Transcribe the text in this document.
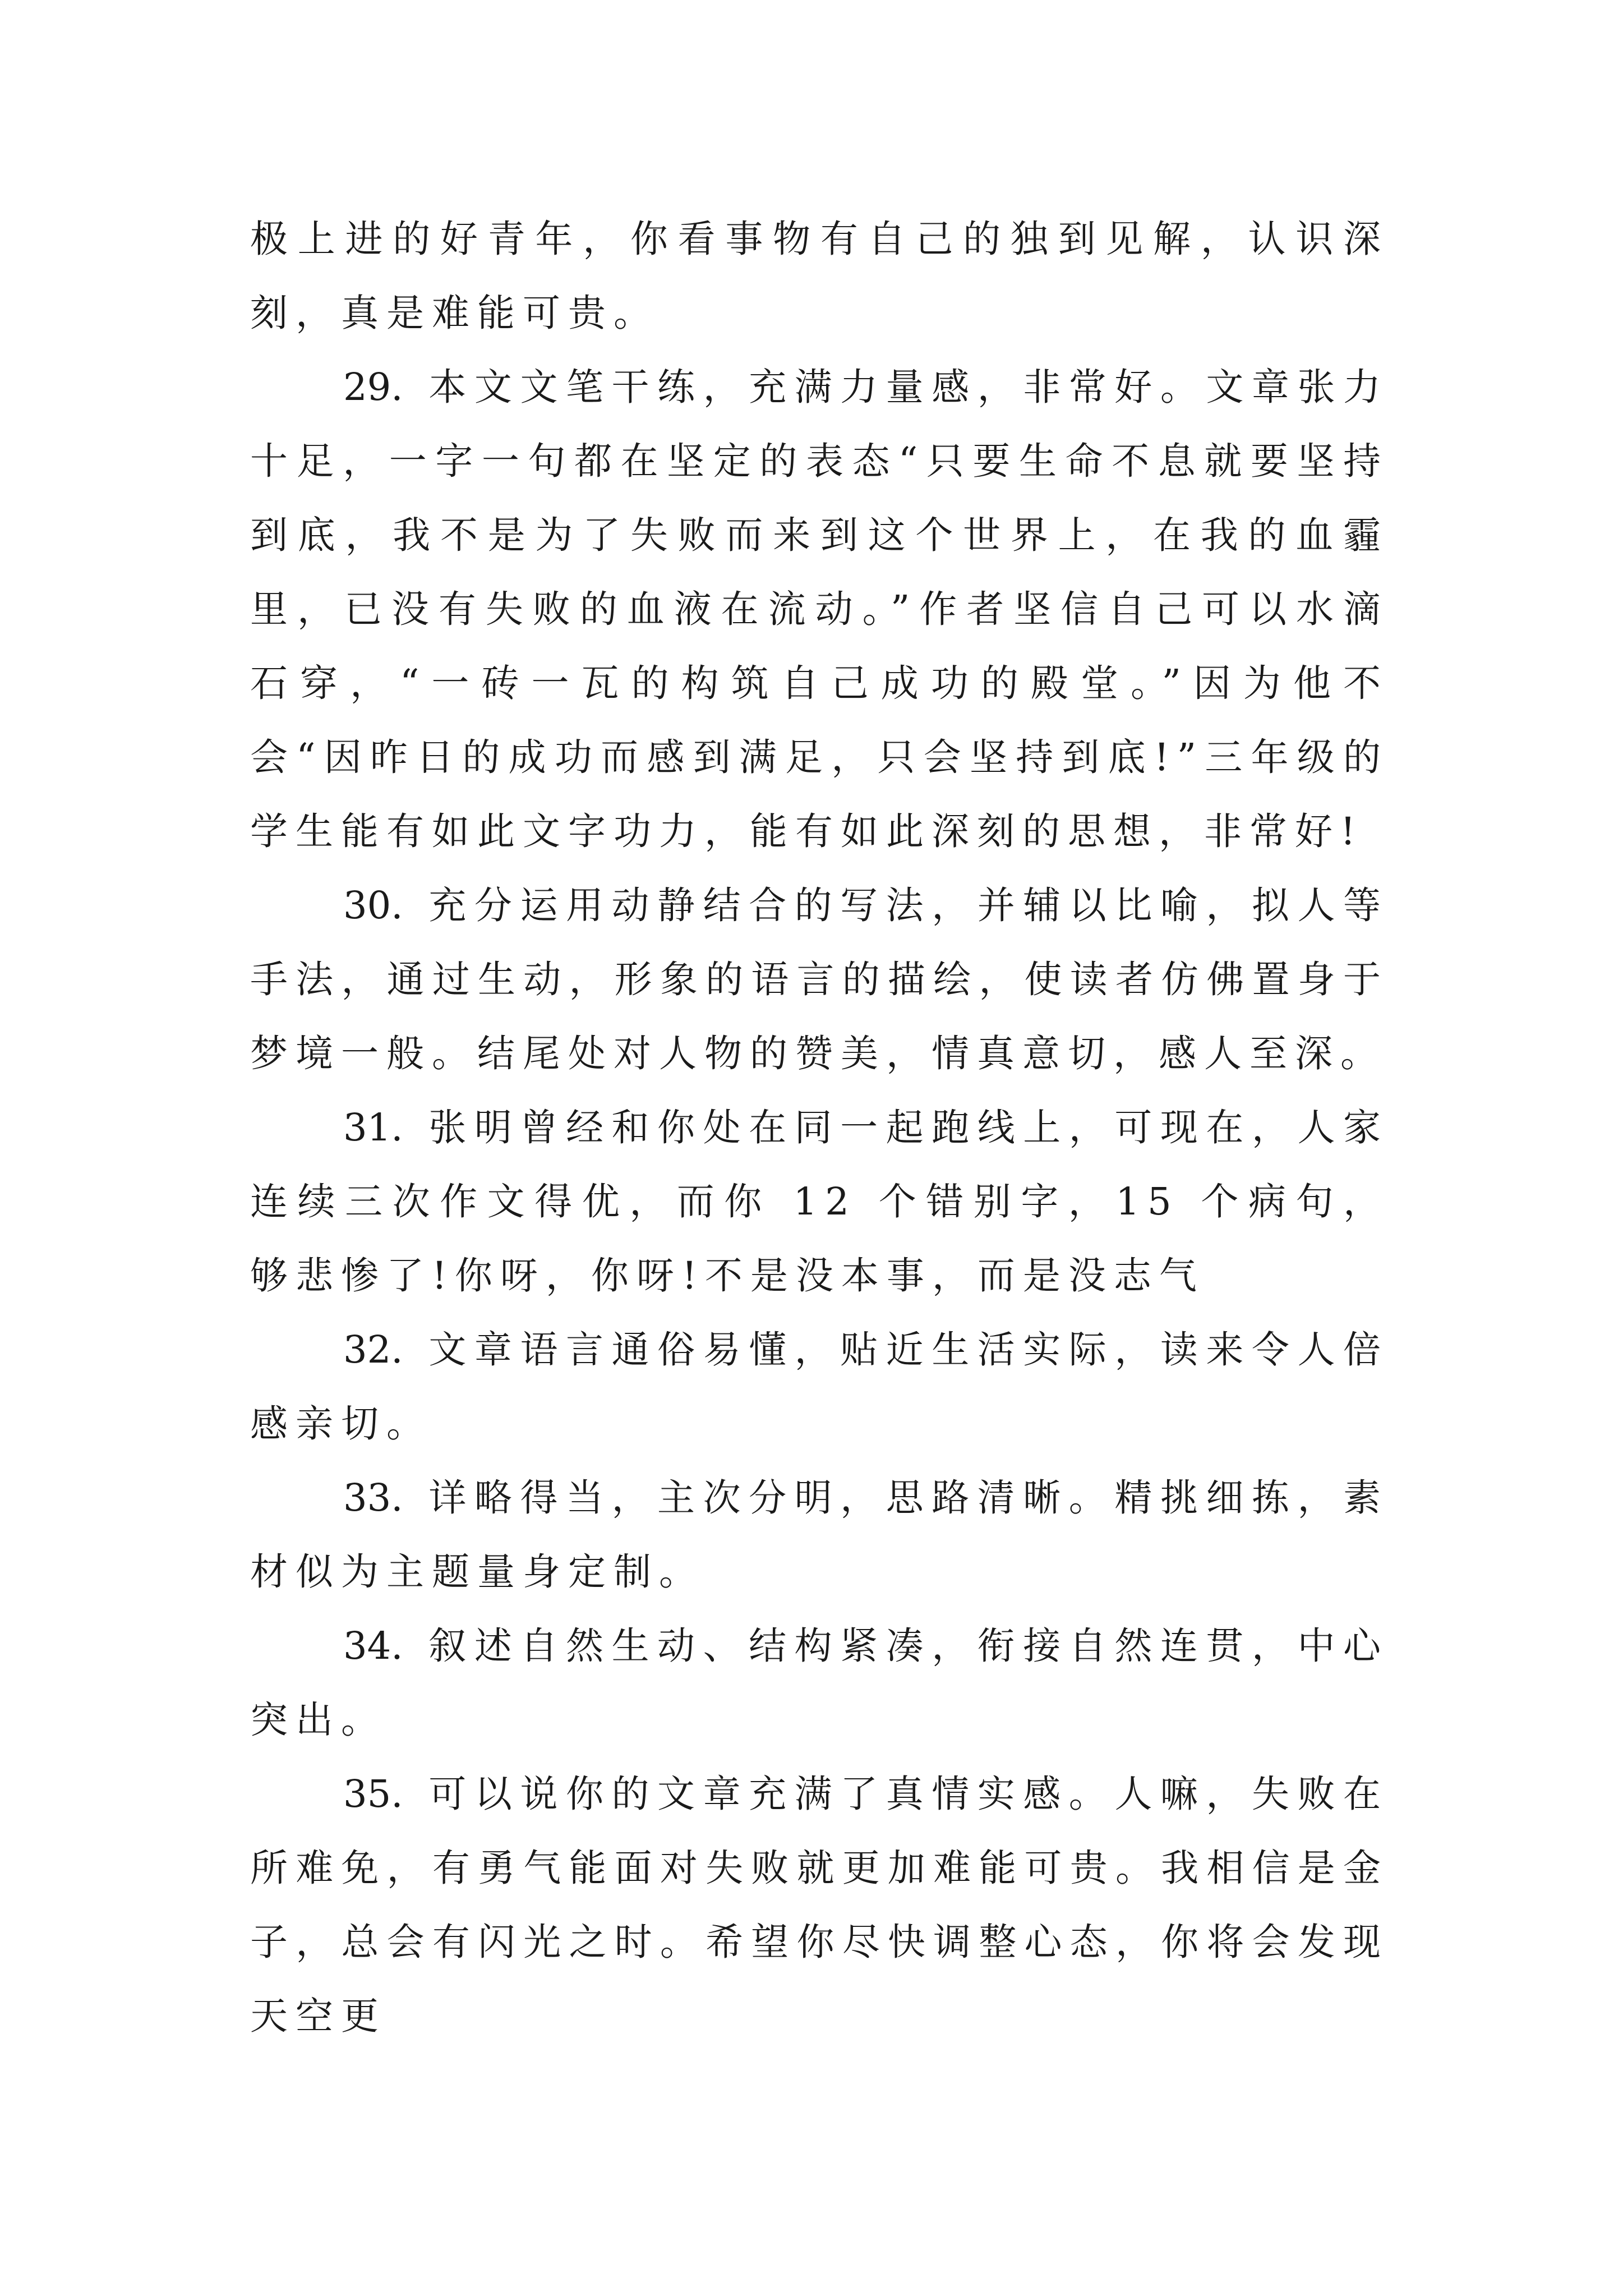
极上进的好青年，你看事物有自己的独到见解，认识深刻，真是难能可贵。

29. 本文文笔干练，充满力量感，非常好。文章张力十足，一字一句都在坚定的表态“只要生命不息就要坚持到底，我不是为了失败而来到这个世界上，在我的血霾里，已没有失败的血液在流动。”作者坚信自己可以水滴石穿，“一砖一瓦的构筑自己成功的殿堂。”因为他不会“因昨日的成功而感到满足，只会坚持到底!”三年级的学生能有如此文字功力，能有如此深刻的思想，非常好!

30. 充分运用动静结合的写法，并辅以比喻，拟人等手法，通过生动，形象的语言的描绘，使读者仿佛置身于梦境一般。结尾处对人物的赞美，情真意切，感人至深。

31. 张明曾经和你处在同一起跑线上，可现在，人家连续三次作文得优，而你 12 个错别字，15 个病句，够悲惨了!你呀，你呀!不是没本事，而是没志气

32. 文章语言通俗易懂，贴近生活实际，读来令人倍感亲切。

33. 详略得当，主次分明，思路清晰。精挑细拣，素材似为主题量身定制。

34. 叙述自然生动、结构紧凑，衔接自然连贯，中心突出。

35. 可以说你的文章充满了真情实感。人嘛，失败在所难免，有勇气能面对失败就更加难能可贵。我相信是金子，总会有闪光之时。希望你尽快调整心态，你将会发现天空更
